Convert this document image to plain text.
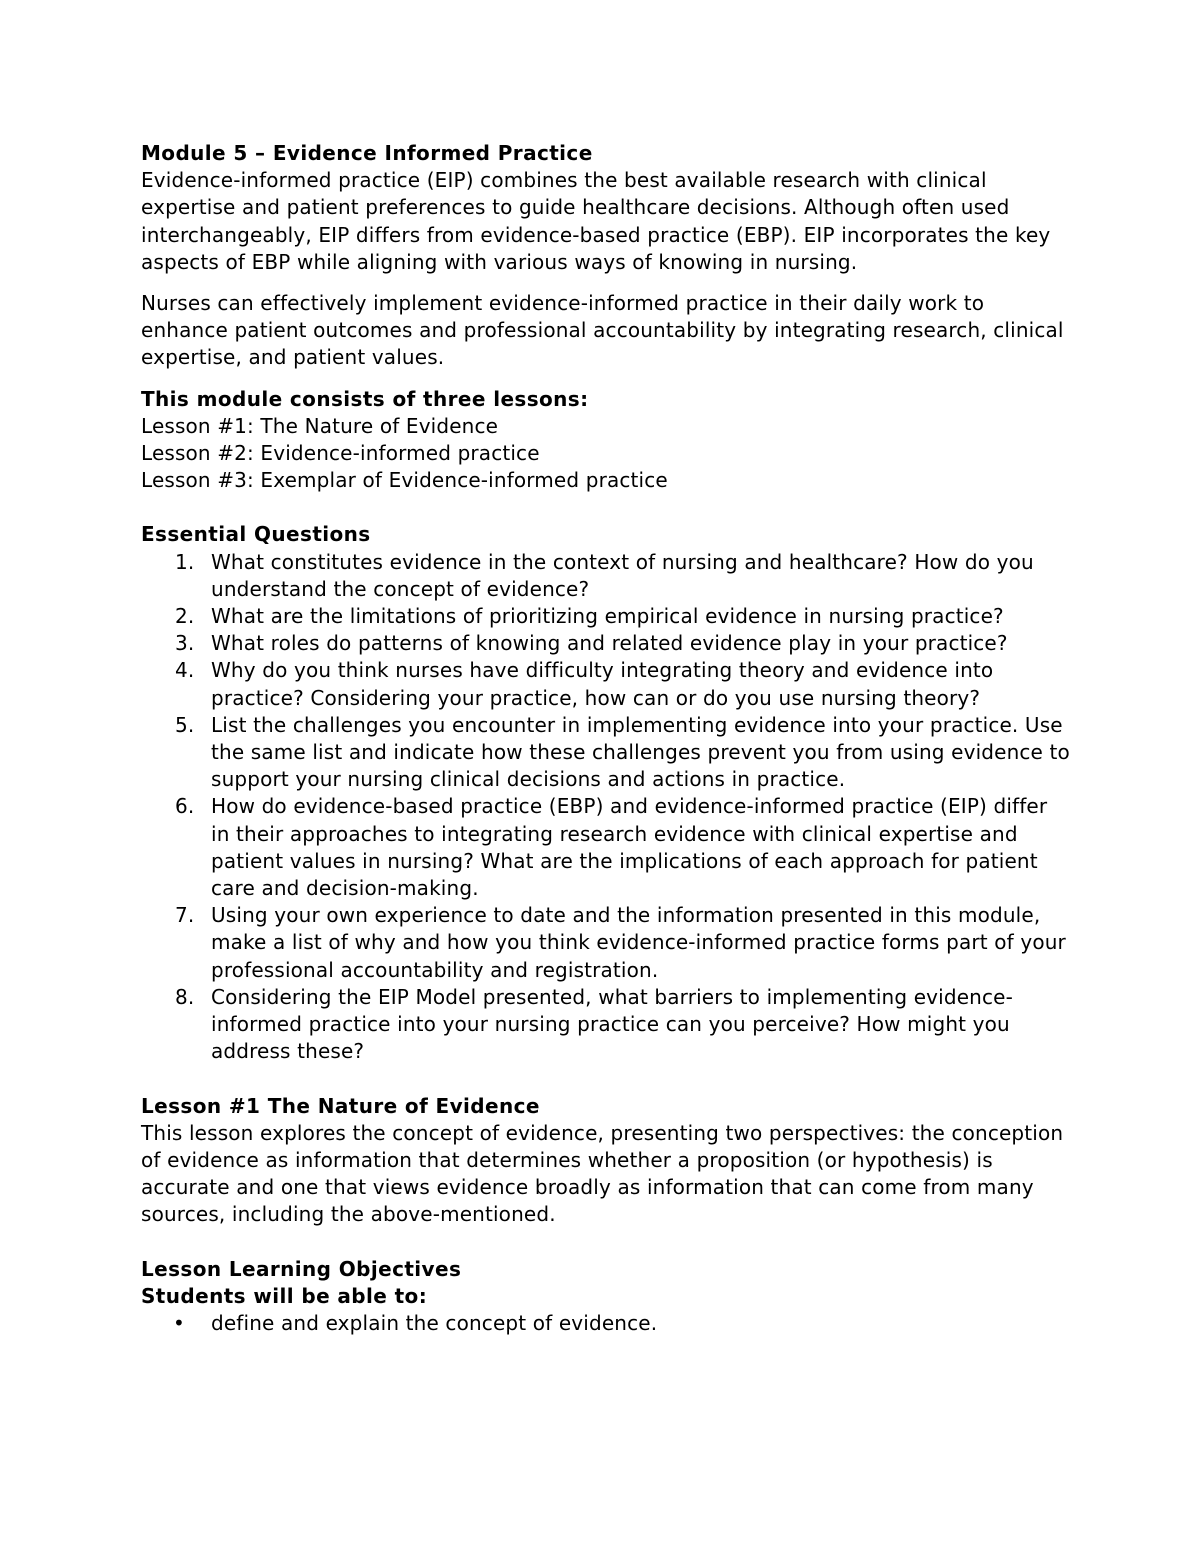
Module 5 – Evidence Informed Practice

Evidence-informed practice (EIP) combines the best available research with clinical expertise and patient preferences to guide healthcare decisions. Although often used interchangeably, EIP differs from evidence-based practice (EBP). EIP incorporates the key aspects of EBP while aligning with various ways of knowing in nursing.

Nurses can effectively implement evidence-informed practice in their daily work to enhance patient outcomes and professional accountability by integrating research, clinical expertise, and patient values.

This module consists of three lessons:

Lesson #1: The Nature of Evidence

Lesson #2: Evidence-informed practice

Lesson #3: Exemplar of Evidence-informed practice

Essential Questions

1. What constitutes evidence in the context of nursing and healthcare? How do you understand the concept of evidence?
2. What are the limitations of prioritizing empirical evidence in nursing practice?
3. What roles do patterns of knowing and related evidence play in your practice?
4. Why do you think nurses have difficulty integrating theory and evidence into practice? Considering your practice, how can or do you use nursing theory?
5. List the challenges you encounter in implementing evidence into your practice. Use the same list and indicate how these challenges prevent you from using evidence to support your nursing clinical decisions and actions in practice.
6. How do evidence-based practice (EBP) and evidence-informed practice (EIP) differ in their approaches to integrating research evidence with clinical expertise and patient values in nursing? What are the implications of each approach for patient care and decision-making.
7. Using your own experience to date and the information presented in this module, make a list of why and how you think evidence-informed practice forms part of your professional accountability and registration.
8. Considering the EIP Model presented, what barriers to implementing evidence-informed practice into your nursing practice can you perceive? How might you address these?

Lesson #1 The Nature of Evidence

This lesson explores the concept of evidence, presenting two perspectives: the conception of evidence as information that determines whether a proposition (or hypothesis) is accurate and one that views evidence broadly as information that can come from many sources, including the above-mentioned.

Lesson Learning Objectives

Students will be able to:

• define and explain the concept of evidence.
